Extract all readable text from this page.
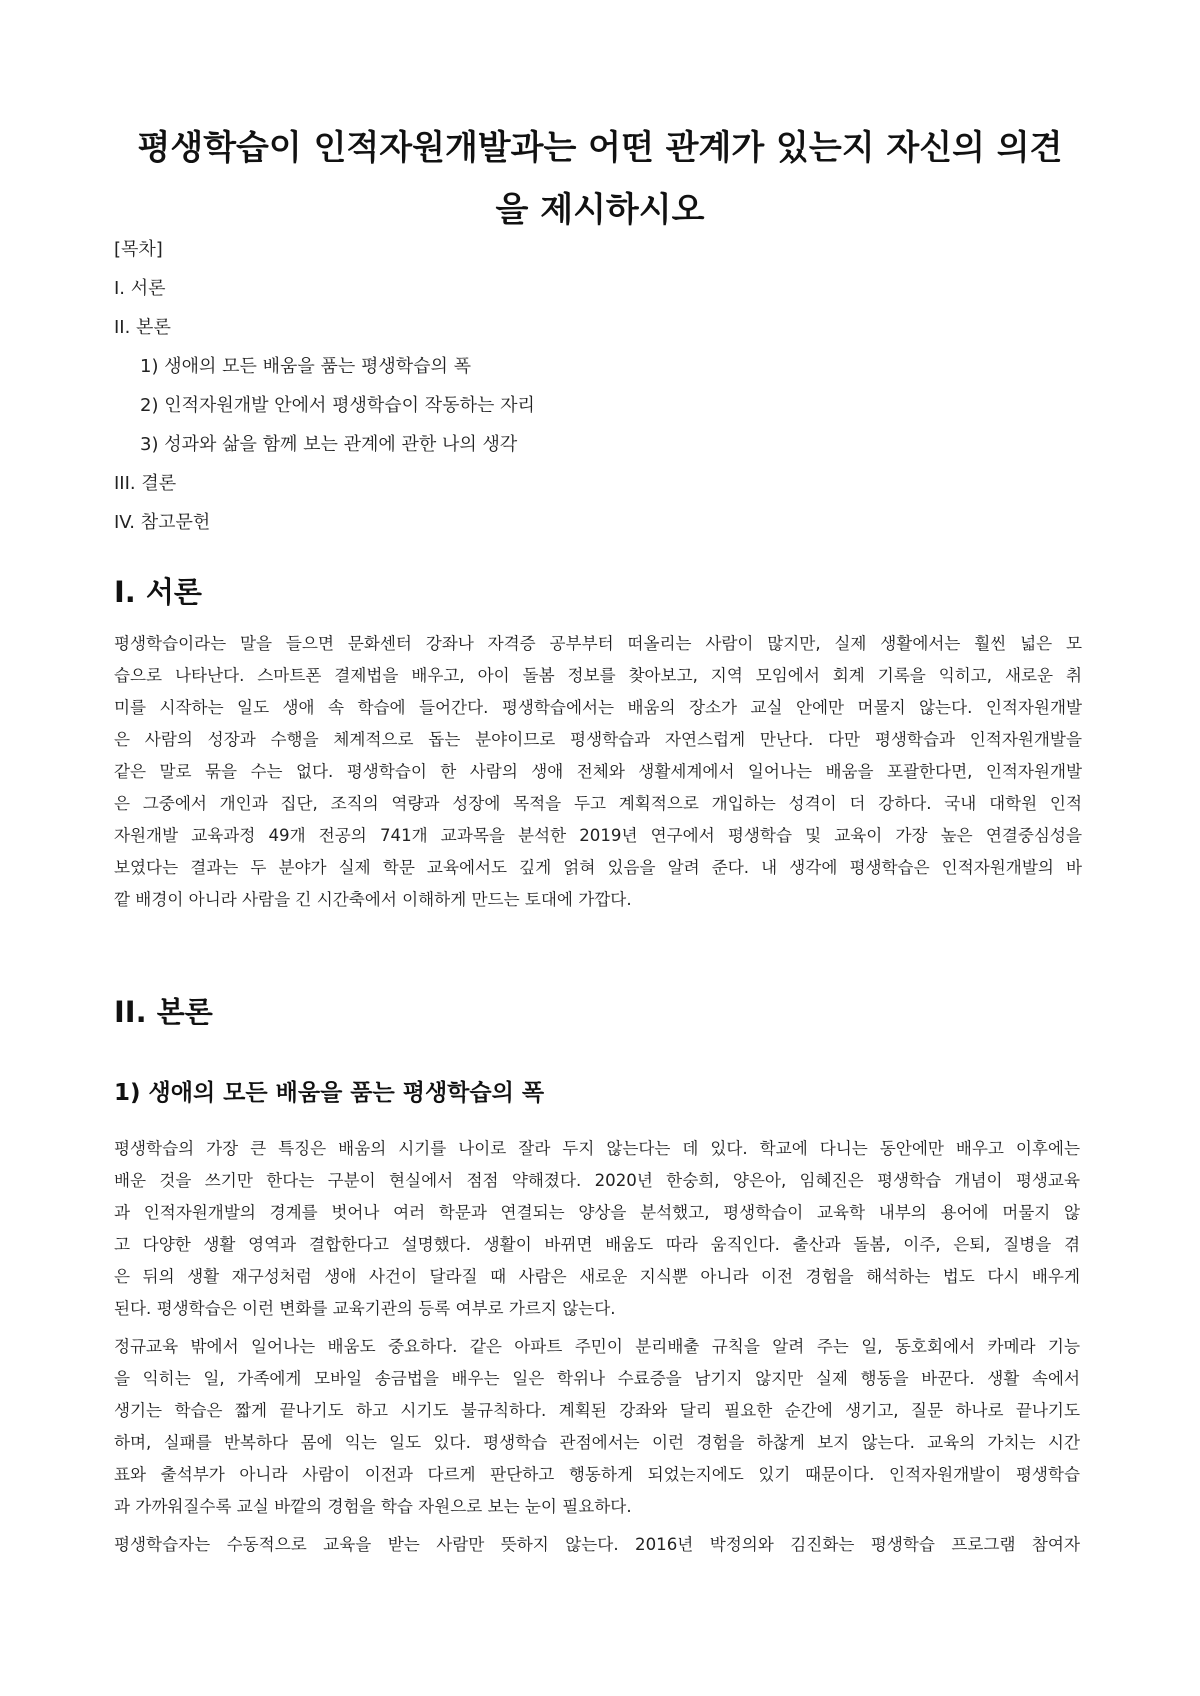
평생학습이 인적자원개발과는 어떤 관계가 있는지 자신의 의견
을 제시하시오

[목차]

I. 서론

II. 본론

1) 생애의 모든 배움을 품는 평생학습의 폭

2) 인적자원개발 안에서 평생학습이 작동하는 자리

3) 성과와 삶을 함께 보는 관계에 관한 나의 생각

III. 결론

IV. 참고문헌

I. 서론
평생학습이라는 말을 들으면 문화센터 강좌나 자격증 공부부터 떠올리는 사람이 많지만, 실제 생활에서는 훨씬 넓은 모
습으로 나타난다. 스마트폰 결제법을 배우고, 아이 돌봄 정보를 찾아보고, 지역 모임에서 회계 기록을 익히고, 새로운 취
미를 시작하는 일도 생애 속 학습에 들어간다. 평생학습에서는 배움의 장소가 교실 안에만 머물지 않는다. 인적자원개발
은 사람의 성장과 수행을 체계적으로 돕는 분야이므로 평생학습과 자연스럽게 만난다. 다만 평생학습과 인적자원개발을
같은 말로 묶을 수는 없다. 평생학습이 한 사람의 생애 전체와 생활세계에서 일어나는 배움을 포괄한다면, 인적자원개발
은 그중에서 개인과 집단, 조직의 역량과 성장에 목적을 두고 계획적으로 개입하는 성격이 더 강하다. 국내 대학원 인적
자원개발 교육과정 49개 전공의 741개 교과목을 분석한 2019년 연구에서 평생학습 및 교육이 가장 높은 연결중심성을
보였다는 결과는 두 분야가 실제 학문 교육에서도 깊게 얽혀 있음을 알려 준다. 내 생각에 평생학습은 인적자원개발의 바
깥 배경이 아니라 사람을 긴 시간축에서 이해하게 만드는 토대에 가깝다.
II. 본론
1) 생애의 모든 배움을 품는 평생학습의 폭
평생학습의 가장 큰 특징은 배움의 시기를 나이로 잘라 두지 않는다는 데 있다. 학교에 다니는 동안에만 배우고 이후에는
배운 것을 쓰기만 한다는 구분이 현실에서 점점 약해졌다. 2020년 한숭희, 양은아, 임혜진은 평생학습 개념이 평생교육
과 인적자원개발의 경계를 벗어나 여러 학문과 연결되는 양상을 분석했고, 평생학습이 교육학 내부의 용어에 머물지 않
고 다양한 생활 영역과 결합한다고 설명했다. 생활이 바뀌면 배움도 따라 움직인다. 출산과 돌봄, 이주, 은퇴, 질병을 겪
은 뒤의 생활 재구성처럼 생애 사건이 달라질 때 사람은 새로운 지식뿐 아니라 이전 경험을 해석하는 법도 다시 배우게
된다. 평생학습은 이런 변화를 교육기관의 등록 여부로 가르지 않는다.
정규교육 밖에서 일어나는 배움도 중요하다. 같은 아파트 주민이 분리배출 규칙을 알려 주는 일, 동호회에서 카메라 기능
을 익히는 일, 가족에게 모바일 송금법을 배우는 일은 학위나 수료증을 남기지 않지만 실제 행동을 바꾼다. 생활 속에서
생기는 학습은 짧게 끝나기도 하고 시기도 불규칙하다. 계획된 강좌와 달리 필요한 순간에 생기고, 질문 하나로 끝나기도
하며, 실패를 반복하다 몸에 익는 일도 있다. 평생학습 관점에서는 이런 경험을 하찮게 보지 않는다. 교육의 가치는 시간
표와 출석부가 아니라 사람이 이전과 다르게 판단하고 행동하게 되었는지에도 있기 때문이다. 인적자원개발이 평생학습
과 가까워질수록 교실 바깥의 경험을 학습 자원으로 보는 눈이 필요하다.
평생학습자는 수동적으로 교육을 받는 사람만 뜻하지 않는다. 2016년 박정의와 김진화는 평생학습 프로그램 참여자
